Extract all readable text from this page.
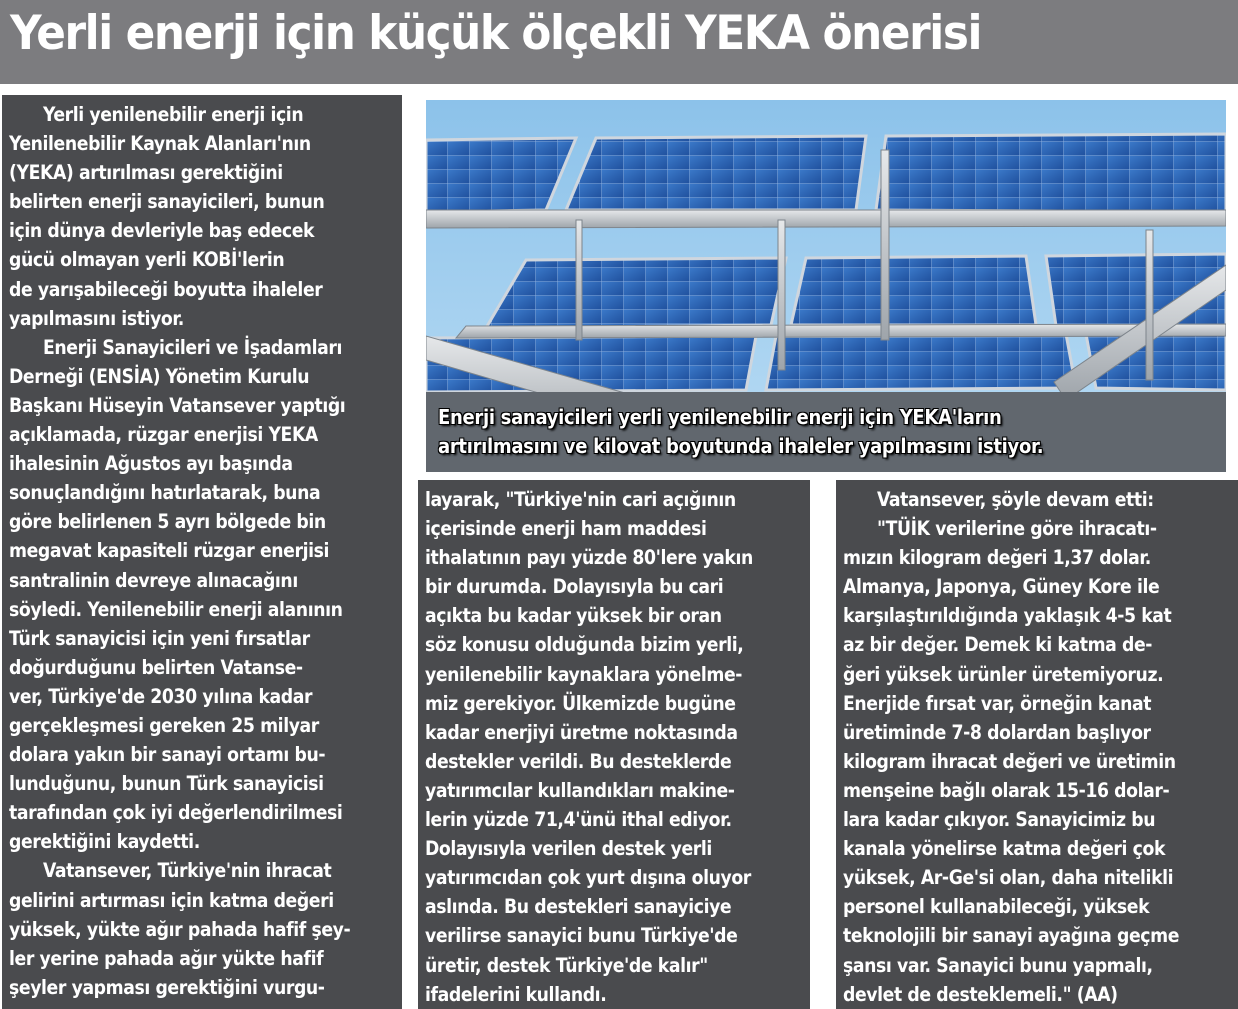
Yerli enerji için küçük ölçekli YEKA önerisi

Yerli yenilenebilir enerji için
Yenilenebilir Kaynak Alanları'nın
(YEKA) artırılması gerektiğini
belirten enerji sanayicileri, bunun
için dünya devleriyle baş edecek
gücü olmayan yerli KOBİ'lerin
de yarışabileceği boyutta ihaleler
yapılmasını istiyor.

Enerji Sanayicileri ve İşadamları
Derneği (ENSİA) Yönetim Kurulu
Başkanı Hüseyin Vatansever yaptığı
açıklamada, rüzgar enerjisi YEKA
ihalesinin Ağustos ayı başında
sonuçlandığını hatırlatarak, buna
göre belirlenen 5 ayrı bölgede bin
megavat kapasiteli rüzgar enerjisi
santralinin devreye alınacağını
söyledi. Yenilenebilir enerji alanının
Türk sanayicisi için yeni fırsatlar
doğurduğunu belirten Vatanse-
ver, Türkiye'de 2030 yılına kadar
gerçekleşmesi gereken 25 milyar
dolara yakın bir sanayi ortamı bu-
lunduğunu, bunun Türk sanayicisi
tarafından çok iyi değerlendirilmesi
gerektiğini kaydetti.

Vatansever, Türkiye'nin ihracat
gelirini artırması için katma değeri
yüksek, yükte ağır pahada hafif şey-
ler yerine pahada ağır yükte hafif
şeyler yapması gerektiğini vurgu-

Enerji sanayicileri yerli yenilenebilir enerji için YEKA'ların
artırılmasını ve kilovat boyutunda ihaleler yapılmasını istiyor.

layarak, "Türkiye'nin cari açığının
içerisinde enerji ham maddesi
ithalatının payı yüzde 80'lere yakın
bir durumda. Dolayısıyla bu cari
açıkta bu kadar yüksek bir oran
söz konusu olduğunda bizim yerli,
yenilenebilir kaynaklara yönelme-
miz gerekiyor. Ülkemizde bugüne
kadar enerjiyi üretme noktasında
destekler verildi. Bu desteklerde
yatırımcılar kullandıkları makine-
lerin yüzde 71,4'ünü ithal ediyor.
Dolayısıyla verilen destek yerli
yatırımcıdan çok yurt dışına oluyor
aslında. Bu destekleri sanayiciye
verilirse sanayici bunu Türkiye'de
üretir, destek Türkiye'de kalır"
ifadelerini kullandı.

Vatansever, şöyle devam etti:

"TÜİK verilerine göre ihracatı-
mızın kilogram değeri 1,37 dolar.
Almanya, Japonya, Güney Kore ile
karşılaştırıldığında yaklaşık 4-5 kat
az bir değer. Demek ki katma de-
ğeri yüksek ürünler üretemiyoruz.
Enerjide fırsat var, örneğin kanat
üretiminde 7-8 dolardan başlıyor
kilogram ihracat değeri ve üretimin
menşeine bağlı olarak 15-16 dolar-
lara kadar çıkıyor. Sanayicimiz bu
kanala yönelirse katma değeri çok
yüksek, Ar-Ge'si olan, daha nitelikli
personel kullanabileceği, yüksek
teknolojili bir sanayi ayağına geçme
şansı var. Sanayici bunu yapmalı,
devlet de desteklemeli." (AA)
